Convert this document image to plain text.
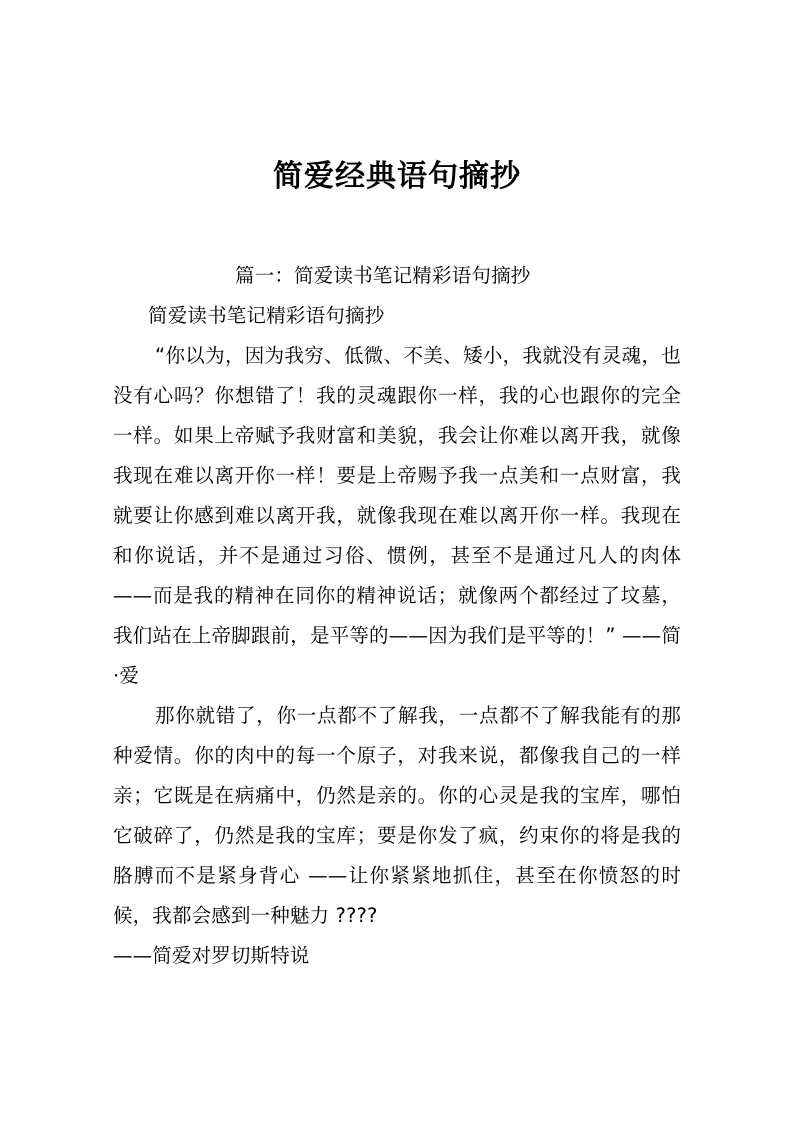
简爱经典语句摘抄
篇一：简爱读书笔记精彩语句摘抄
简爱读书笔记精彩语句摘抄

“你以为，因为我穷、低微、不美、矮小，我就没有灵魂，也没有心吗？你想错了！我的灵魂跟你一样，我的心也跟你的完全一样。如果上帝赋予我财富和美貌，我会让你难以离开我，就像我现在难以离开你一样！要是上帝赐予我一点美和一点财富，我就要让你感到难以离开我，就像我现在难以离开你一样。我现在和你说话，并不是通过习俗、惯例，甚至不是通过凡人的肉体 ——而是我的精神在同你的精神说话；就像两个都经过了坟墓，我们站在上帝脚跟前，是平等的——因为我们是平等的！” ——简·爱

那你就错了，你一点都不了解我，一点都不了解我能有的那种爱情。你的肉中的每一个原子，对我来说，都像我自己的一样亲；它既是在病痛中，仍然是亲的。你的心灵是我的宝库，哪怕它破碎了，仍然是我的宝库；要是你发了疯，约束你的将是我的胳膊而不是紧身背心 ——让你紧紧地抓住，甚至在你愤怒的时候，我都会感到一种魅力 ????

——简爱对罗切斯特说
